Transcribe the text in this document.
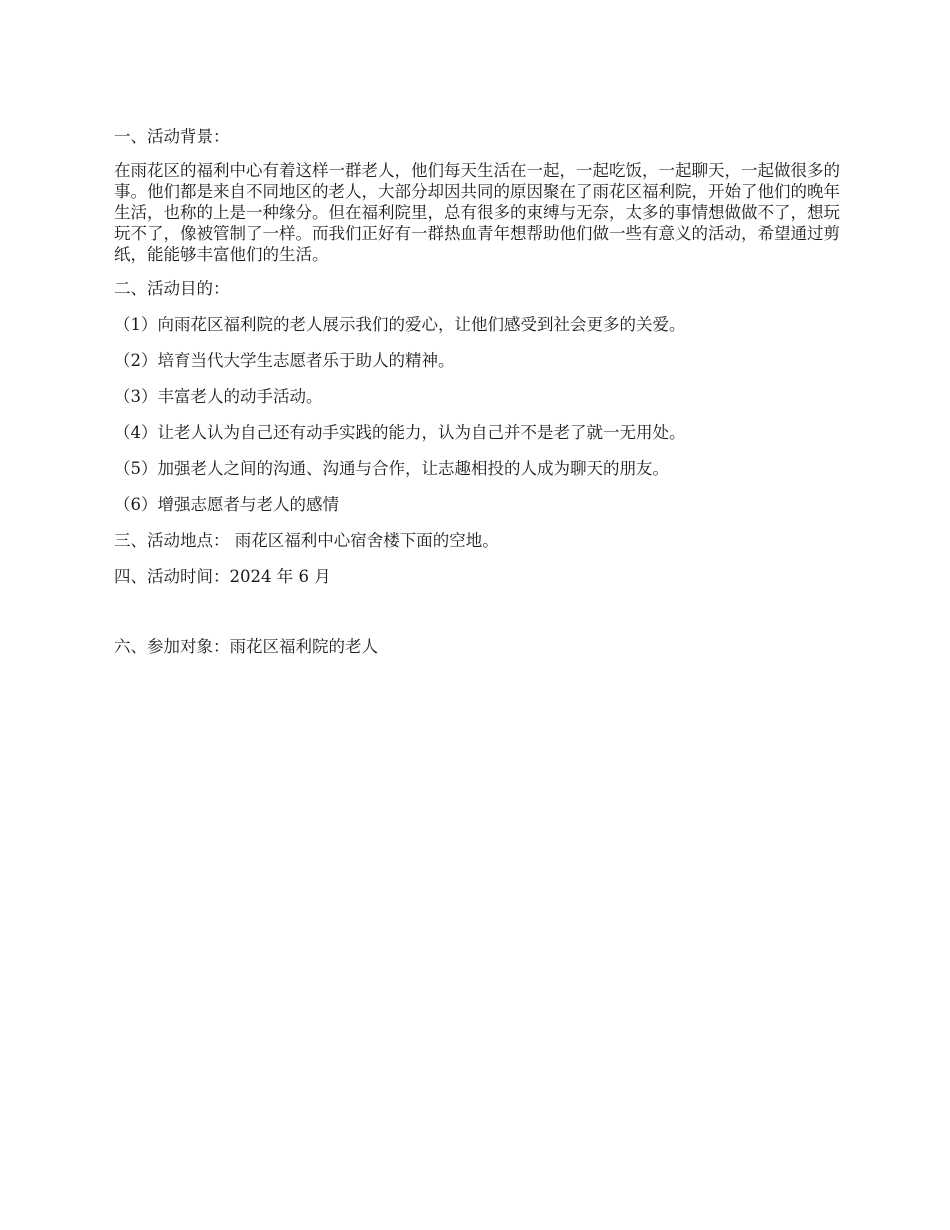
一、活动背景：

在雨花区的福利中心有着这样一群老人，他们每天生活在一起，一起吃饭，一起聊天，一起做很多的事。他们都是来自不同地区的老人，大部分却因共同的原因聚在了雨花区福利院，开始了他们的晚年生活，也称的上是一种缘分。但在福利院里，总有很多的束缚与无奈，太多的事情想做做不了，想玩玩不了，像被管制了一样。而我们正好有一群热血青年想帮助他们做一些有意义的活动，希望通过剪纸，能能够丰富他们的生活。

二、活动目的：

（1）向雨花区福利院的老人展示我们的爱心，让他们感受到社会更多的关爱。

（2）培育当代大学生志愿者乐于助人的精神。

（3）丰富老人的动手活动。

（4）让老人认为自己还有动手实践的能力，认为自己并不是老了就一无用处。

（5）加强老人之间的沟通、沟通与合作，让志趣相投的人成为聊天的朋友。

（6）增强志愿者与老人的感情

三、活动地点： 雨花区福利中心宿舍楼下面的空地。

四、活动时间：2024 年 6 月

六、参加对象：雨花区福利院的老人
